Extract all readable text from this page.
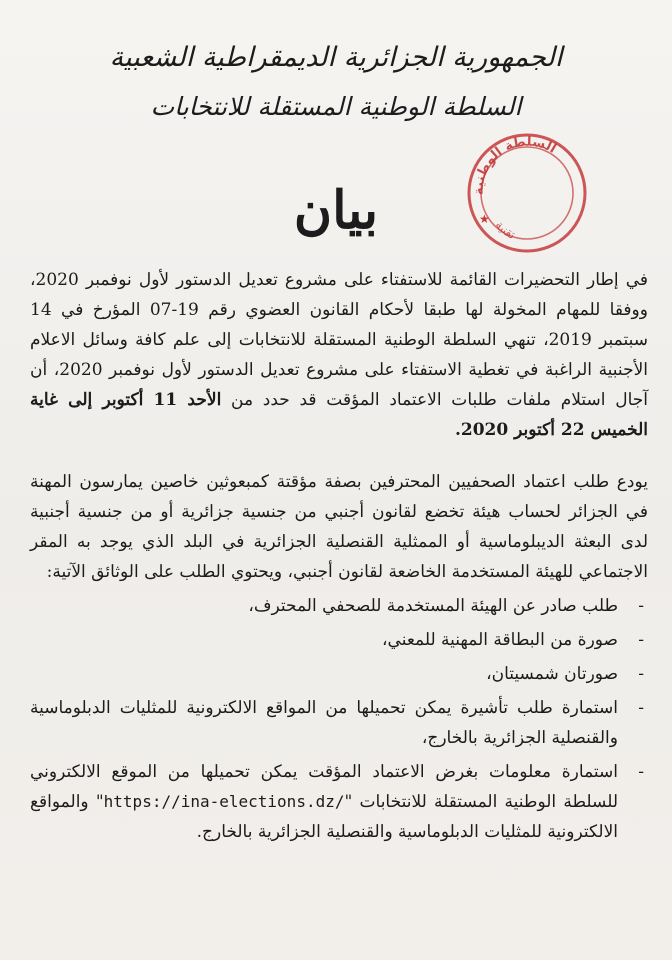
الجمهورية الجزائرية الديمقراطية الشعبية
السلطة الوطنية المستقلة للانتخابات
السلطة الوطنية
تقنية
★
بيان

في إطار التحضيرات القائمة للاستفتاء على مشروع تعديل الدستور لأول نوفمبر 2020، ووفقا للمهام المخولة لها طبقا لأحكام القانون العضوي رقم 19-07 المؤرخ في 14 سبتمبر 2019، تنهي السلطة الوطنية المستقلة للانتخابات إلى علم كافة وسائل الاعلام الأجنبية الراغبة في تغطية الاستفتاء على مشروع تعديل الدستور لأول نوفمبر 2020، أن آجال استلام ملفات طلبات الاعتماد المؤقت قد حدد من الأحد 11 أكتوبر إلى غاية الخميس 22 أكتوبر 2020.

يودع طلب اعتماد الصحفيين المحترفين بصفة مؤقتة كمبعوثين خاصين يمارسون المهنة في الجزائر لحساب هيئة تخضع لقانون أجنبي من جنسية جزائرية أو من جنسية أجنبية لدى البعثة الديبلوماسية أو الممثلية القنصلية الجزائرية في البلد الذي يوجد به المقر الاجتماعي للهيئة المستخدمة الخاضعة لقانون أجنبي، ويحتوي الطلب على الوثائق الآتية:

-
طلب صادر عن الهيئة المستخدمة للصحفي المحترف،
-
صورة من البطاقة المهنية للمعني،
-
صورتان شمسيتان،
-
استمارة طلب تأشيرة يمكن تحميلها من المواقع الالكترونية للمثليات الدبلوماسية والقنصلية الجزائرية بالخارج،
-
استمارة معلومات بغرض الاعتماد المؤقت يمكن تحميلها من الموقع الالكتروني للسلطة الوطنية المستقلة للانتخابات "https://ina-elections.dz/" والمواقع الالكترونية للمثليات الدبلوماسية والقنصلية الجزائرية بالخارج.
